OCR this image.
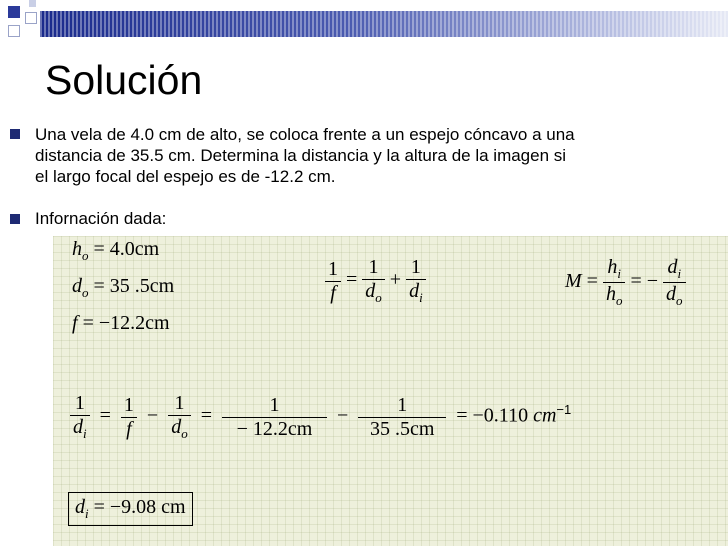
Solución
Una vela de 4.0 cm de alto, se coloca frente a un espejo cóncavo a una
distancia de 35.5 cm. Determina la distancia y la altura de la imagen si
el largo focal del espejo es de -12.2 cm.
Infornación dada:
$h_o = 4.0cm$
$d_o = 35$ .5cm
f = −12.2cm
$\frac{1}{f} = \frac{1}{d_o} + \frac{1}{d_i}$	$M = \frac{h_i}{h_o}$ = − $\frac{d_i}{d_o}$
$\frac{1}{d_i} = \frac{1}{f} - \frac{1}{d_o} = \frac{1}{- 12.2cm} - \frac{1}{35 .5cm} = -0.110$ $cm^{-1}$
$d_i = -9.08$ cm
